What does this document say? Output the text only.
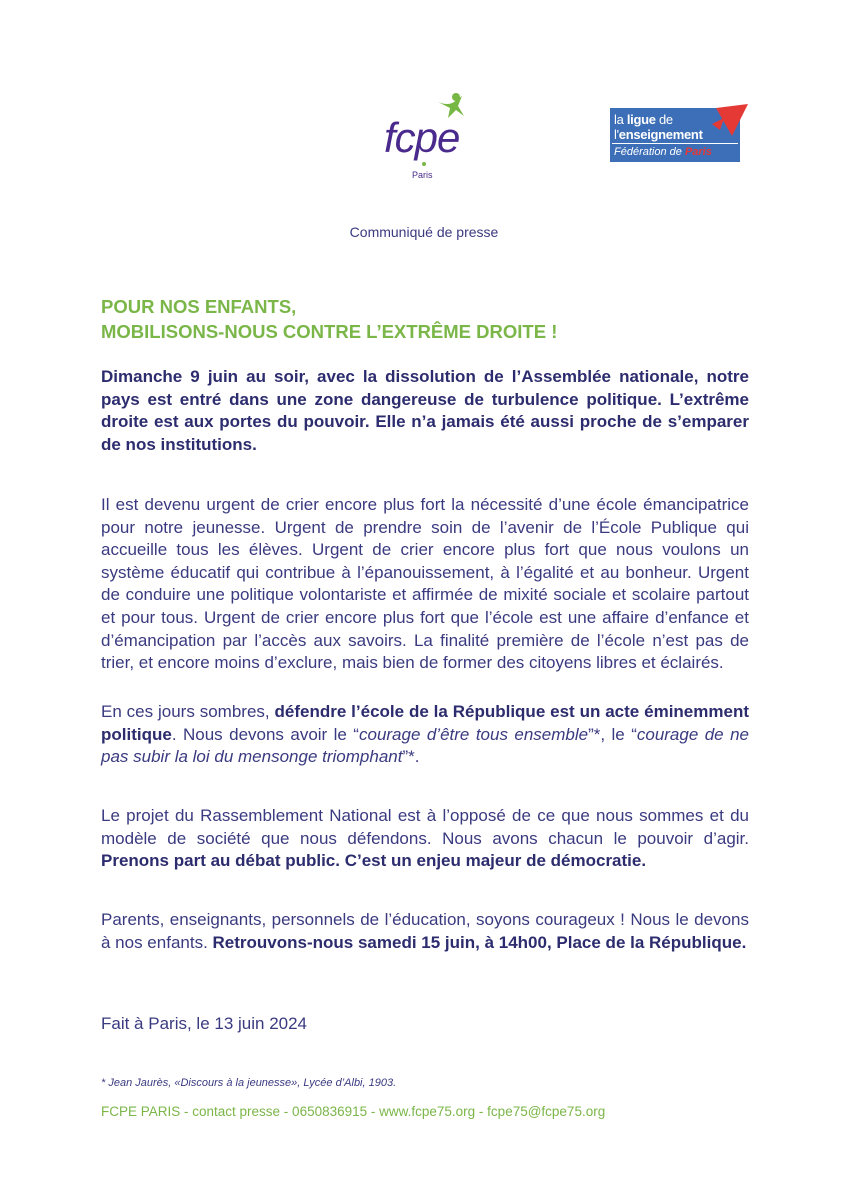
fcpe
Paris
la ligue de
l'enseignement
Fédération de Paris
Communiqué de presse
POUR NOS ENFANTS,
MOBILISONS-NOUS CONTRE L’EXTRÊME DROITE !
Dimanche 9 juin au soir, avec la dissolution de l’Assemblée nationale, notre pays est entré dans une zone dangereuse de turbulence politique. L’extrême droite est aux portes du pouvoir. Elle n’a jamais été aussi proche de s’emparer de nos institutions.
Il est devenu urgent de crier encore plus fort la nécessité d’une école émancipatrice pour notre jeunesse. Urgent de prendre soin de l’avenir de l’École Publique qui accueille tous les élèves. Urgent de crier encore plus fort que nous voulons un système éducatif qui contribue à l’épanouissement, à l’égalité et au bonheur. Urgent de conduire une politique volontariste et affirmée de mixité sociale et scolaire partout et pour tous. Urgent de crier encore plus fort que l’école est une affaire d’enfance et d’émancipation par l’accès aux savoirs. La finalité première de l’école n’est pas de trier, et encore moins d’exclure, mais bien de former des citoyens libres et éclairés.
En ces jours sombres, défendre l’école de la République est un acte éminemment politique. Nous devons avoir le “courage d’être tous ensemble”*, le “courage de ne pas subir la loi du mensonge triomphant”*.
Le projet du Rassemblement National est à l’opposé de ce que nous sommes et du modèle de société que nous défendons. Nous avons chacun le pouvoir d’agir. Prenons part au débat public. C’est un enjeu majeur de démocratie.
Parents, enseignants, personnels de l’éducation, soyons courageux ! Nous le devons à nos enfants. Retrouvons-nous samedi 15 juin, à 14h00, Place de la République.
Fait à Paris, le 13 juin 2024
* Jean Jaurès, «Discours à la jeunesse», Lycée d’Albi, 1903.
FCPE PARIS - contact presse - 0650836915 - www.fcpe75.org - fcpe75@fcpe75.org
